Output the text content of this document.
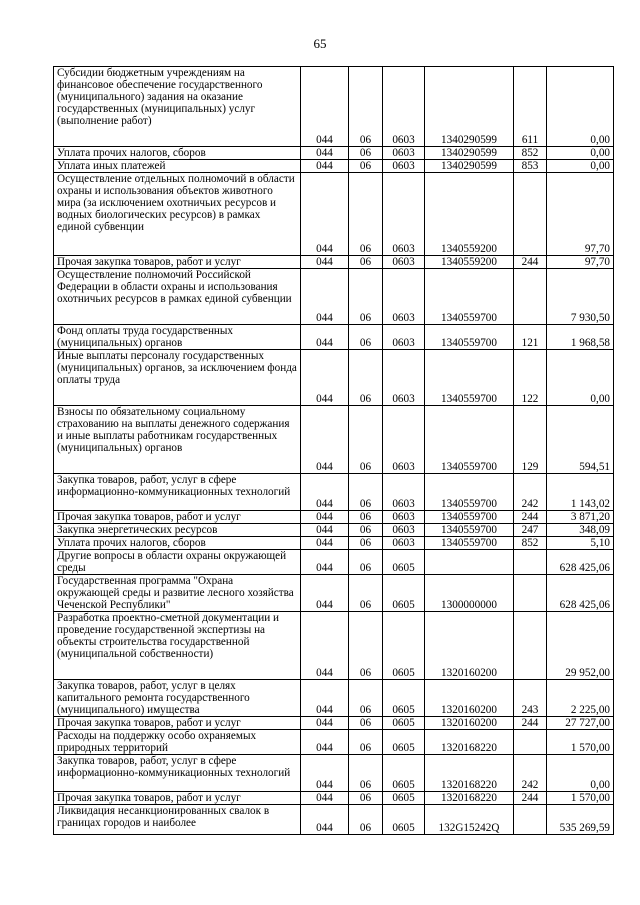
65
Субсидии бюджетным учреждениям на финансовое обеспечение государственного (муниципального) задания на оказание государственных (муниципальных) услуг (выполнение работ)	044	06	0603	1340290599	611	0,00
Уплата прочих налогов, сборов	044	06	0603	1340290599	852	0,00
Уплата иных платежей	044	06	0603	1340290599	853	0,00
Осуществление отдельных полномочий в области охраны и использования объектов животного мира (за исключением охотничьих ресурсов и водных биологических ресурсов) в рамках единой субвенции	044	06	0603	1340559200		97,70
Прочая закупка товаров, работ и услуг	044	06	0603	1340559200	244	97,70
Осуществление полномочий Российской Федерации в области охраны и использования охотничьих ресурсов в рамках единой субвенции	044	06	0603	1340559700		7 930,50
Фонд оплаты труда государственных (муниципальных) органов	044	06	0603	1340559700	121	1 968,58
Иные выплаты персоналу государственных (муниципальных) органов, за исключением фонда оплаты труда	044	06	0603	1340559700	122	0,00
Взносы по обязательному социальному страхованию на выплаты денежного содержания и иные выплаты работникам государственных (муниципальных) органов	044	06	0603	1340559700	129	594,51
Закупка товаров, работ, услуг в сфере информационно-коммуникационных технологий	044	06	0603	1340559700	242	1 143,02
Прочая закупка товаров, работ и услуг	044	06	0603	1340559700	244	3 871,20
Закупка энергетических ресурсов	044	06	0603	1340559700	247	348,09
Уплата прочих налогов, сборов	044	06	0603	1340559700	852	5,10
Другие вопросы в области охраны окружающей среды	044	06	0605			628 425,06
Государственная программа "Охрана окружающей среды и развитие лесного хозяйства Чеченской Республики"	044	06	0605	1300000000		628 425,06
Разработка проектно-сметной документации и проведение государственной экспертизы на объекты строительства государственной (муниципальной собственности)	044	06	0605	1320160200		29 952,00
Закупка товаров, работ, услуг в целях капитального ремонта государственного (муниципального) имущества	044	06	0605	1320160200	243	2 225,00
Прочая закупка товаров, работ и услуг	044	06	0605	1320160200	244	27 727,00
Расходы на поддержку особо охраняемых природных территорий	044	06	0605	1320168220		1 570,00
Закупка товаров, работ, услуг в сфере информационно-коммуникационных технологий	044	06	0605	1320168220	242	0,00
Прочая закупка товаров, работ и услуг	044	06	0605	1320168220	244	1 570,00
Ликвидация несанкционированных свалок в границах городов и наиболее	044	06	0605	132G15242Q		535 269,59
